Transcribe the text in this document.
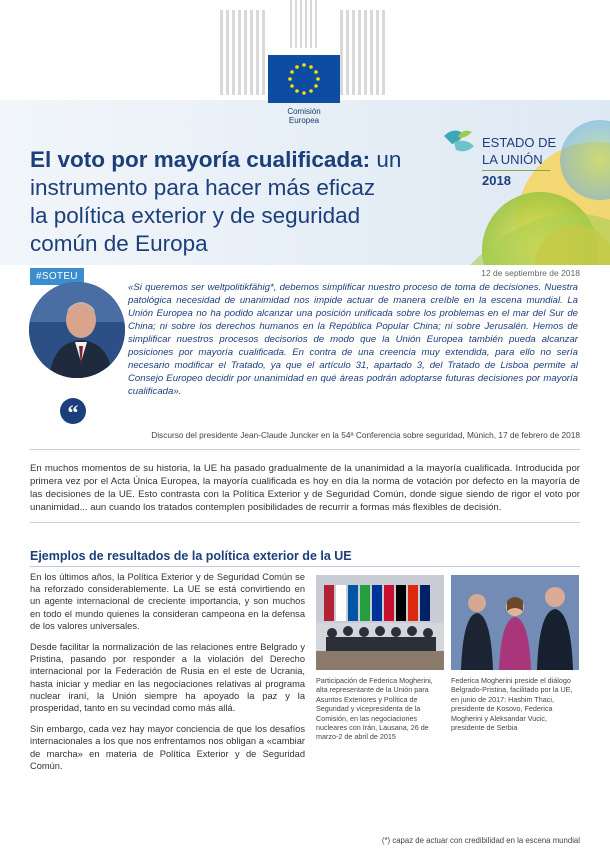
Comisión
Europea
El voto por mayoría cualificada: un
instrumento para hacer más eficaz
la política exterior y de seguridad
común de Europa
ESTADO DE
LA UNIÓN
2018
#SOTEU	12 de septiembre de 2018
“
«Si queremos ser weltpolitikfähig*, debemos simplificar nuestro proceso de toma de decisiones. Nuestra patológica necesidad de unanimidad nos impide actuar de manera creíble en la escena mundial. La Unión Europea no ha podido alcanzar una posición unificada sobre los problemas en el mar del Sur de China; ni sobre los derechos humanos en la República Popular China; ni sobre Jerusalén. Hemos de simplificar nuestros procesos decisorios de modo que la Unión Europea también pueda alcanzar posiciones por mayoría cualificada. En contra de una creencia muy extendida, para ello no sería necesario modificar el Tratado, ya que el artículo 31, apartado 3, del Tratado de Lisboa permite al Consejo Europeo decidir por unanimidad en qué áreas podrán adoptarse futuras decisiones por mayoría cualificada».
Discurso del presidente Jean-Claude Juncker en la 54ª Conferencia sobre seguridad, Múnich, 17 de febrero de 2018
En muchos momentos de su historia, la UE ha pasado gradualmente de la unanimidad a la mayoría cualificada. Introducida por primera vez por el Acta Única Europea, la mayoría cualificada es hoy en día la norma de votación por defecto en la mayoría de las decisiones de la UE. Esto contrasta con la Política Exterior y de Seguridad Común, donde sigue siendo de rigor el voto por unanimidad... aun cuando los tratados contemplen posibilidades de recurrir a formas más flexibles de decisión.
Ejemplos de resultados de la política exterior de la UE

En los últimos años, la Política Exterior y de Seguridad Común se ha reforzado considerablemente. La UE se está convirtiendo en un agente internacional de creciente importancia, y son muchos en todo el mundo quienes la consideran campeona en la defensa de los valores universales.

Desde facilitar la normalización de las relaciones entre Belgrado y Pristina, pasando por responder a la violación del Derecho internacional por la Federación de Rusia en el este de Ucrania, hasta iniciar y mediar en las negociaciones relativas al programa nuclear iraní, la Unión siempre ha apoyado la paz y la prosperidad, tanto en su vecindad como más allá.

Sin embargo, cada vez hay mayor conciencia de que los desafíos internacionales a los que nos enfrentamos nos obligan a «cambiar de marcha» en materia de Política Exterior y de Seguridad Común.

Participación de Federica Mogherini, alta representante de la Unión para Asuntos Exteriores y Política de Seguridad y vicepresidenta de la Comisión, en las negociaciones nucleares con Irán, Lausana, 26 de marzo-2 de abril de 2015
Federica Mogherini preside el diálogo Belgrado-Pristina, facilitado por la UE, en junio de 2017: Hashim Thaci, presidente de Kosovo, Federica Mogherini y Aleksandar Vucic, presidente de Serbia
(*) capaz de actuar con credibilidad en la escena mundial
